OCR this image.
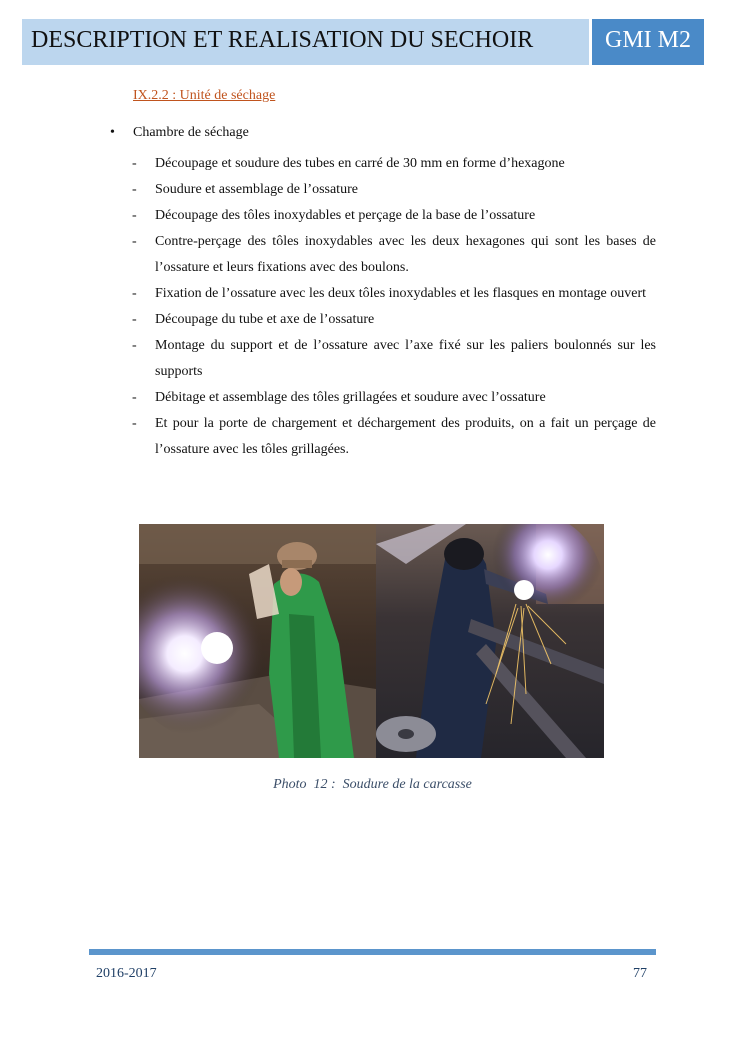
DESCRIPTION ET REALISATION DU SECHOIR	GMI M2
IX.2.2 : Unité de séchage
• Chambre de séchage
- Découpage et soudure des tubes en carré de 30 mm en forme d’hexagone
- Soudure et assemblage de l’ossature
- Découpage des tôles inoxydables et perçage de la base de l’ossature
- Contre-perçage des tôles inoxydables avec les deux hexagones qui sont les bases de l’ossature et leurs fixations avec des boulons.
- Fixation de l’ossature avec les deux tôles inoxydables et les flasques en montage ouvert
- Découpage du tube et axe de l’ossature
- Montage du support et de l’ossature avec l’axe fixé sur les paliers boulonnés sur les supports
- Débitage et assemblage des tôles grillagées et soudure avec l’ossature
- Et pour la porte de chargement et déchargement des produits, on a fait un perçage de l’ossature avec les tôles grillagées.
Photo  12 :  Soudure de la carcasse
2016-2017	77
